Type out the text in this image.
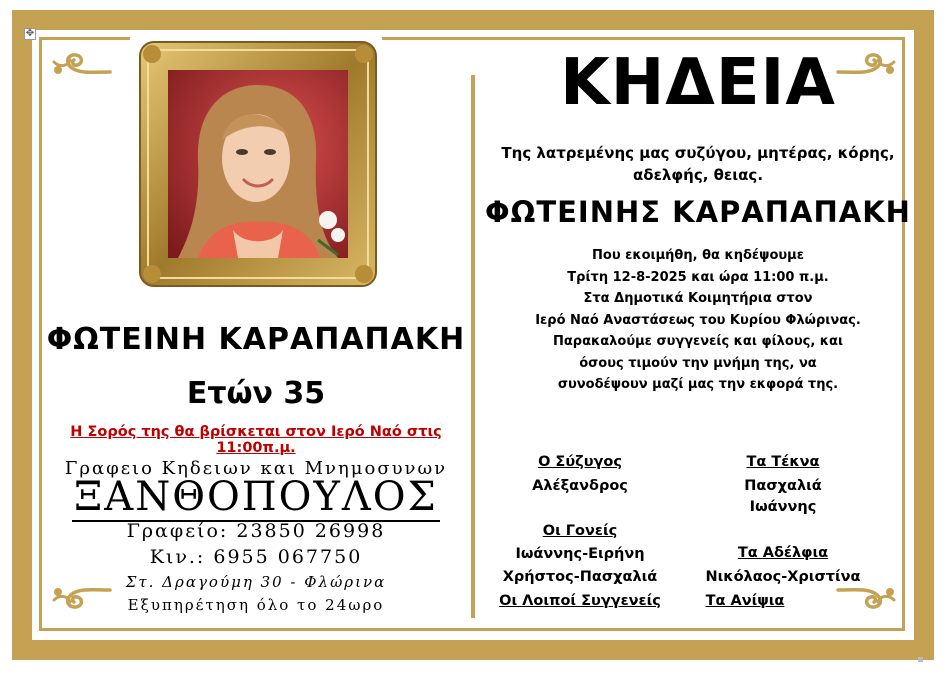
✥
ΦΩΤΕΙΝΗ ΚΑΡΑΠΑΠΑΚΗ
Ετών 35
Η Σορός της θα βρίσκεται στον Ιερό Ναό στις 11:00π.μ.
Γραφειο Κηδειων και Μνημοσυνων
ΞΑΝΘΟΠΟΥΛΟΣ
Γραφείο: 23850 26998
Κιν.: 6955 067750
Στ. Δραγούμη 30 - Φλώρινα
Εξυπηρέτηση όλο το 24ωρο
ΚΗΔΕΙΑ
Της λατρεμένης μας συζύγου, μητέρας, κόρης,
αδελφής, θειας.
ΦΩΤΕΙΝΗΣ ΚΑΡΑΠΑΠΑΚΗ
Που εκοιμήθη, θα κηδέψουμε
Τρίτη 12-8-2025 και ώρα 11:00 π.μ.
Στα Δημοτικά Κοιμητήρια στον
Ιερό Ναό Αναστάσεως του Κυρίου Φλώρινας.
Παρακαλούμε συγγενείς και φίλους, και
όσους τιμούν την μνήμη της, να
συνοδέψουν μαζί μας την εκφορά της.
Ο Σύζυγος
Αλέξανδρος
Τα Τέκνα
Πασχαλιά
Ιωάννης
Οι Γονείς
Ιωάννης-Ειρήνη
Χρήστος-Πασχαλιά
Τα Αδέλφια
Νικόλαος-Χριστίνα
Οι Λοιποί Συγγενείς	Τα Ανίψια
